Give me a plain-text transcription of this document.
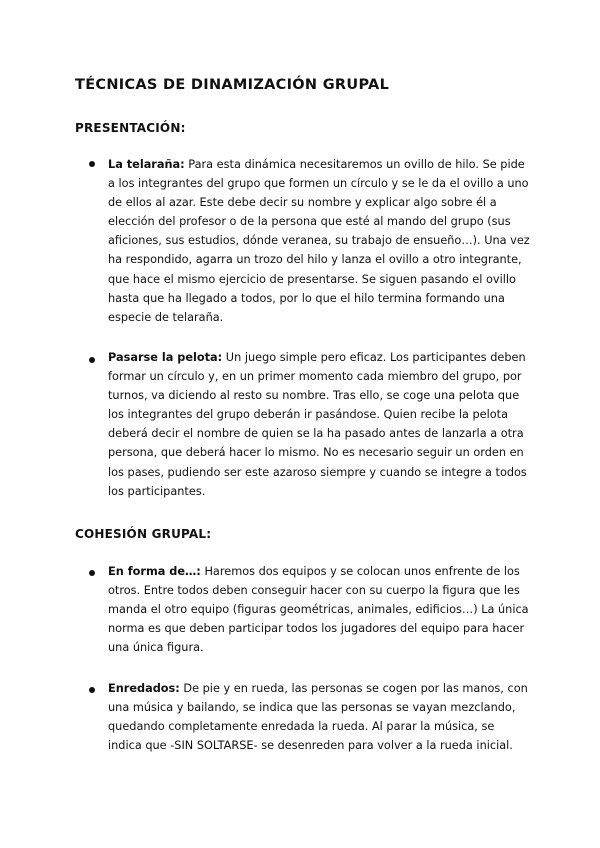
TÉCNICAS DE DINAMIZACIÓN GRUPAL
PRESENTACIÓN:

La telaraña: Para esta dinámica necesitaremos un ovillo de hilo. Se pide a los integrantes del grupo que formen un círculo y se le da el ovillo a uno de ellos al azar. Este debe decir su nombre y explicar algo sobre él a elección del profesor o de la persona que esté al mando del grupo (sus aficiones, sus estudios, dónde veranea, su trabajo de ensueño…). Una vez ha respondido, agarra un trozo del hilo y lanza el ovillo a otro integrante, que hace el mismo ejercicio de presentarse. Se siguen pasando el ovillo hasta que ha llegado a todos, por lo que el hilo termina formando una especie de telaraña.

Pasarse la pelota: Un juego simple pero eficaz. Los participantes deben formar un círculo y, en un primer momento cada miembro del grupo, por turnos, va diciendo al resto su nombre. Tras ello, se coge una pelota que los integrantes del grupo deberán ir pasándose. Quien recibe la pelota deberá decir el nombre de quien se la ha pasado antes de lanzarla a otra persona, que deberá hacer lo mismo. No es necesario seguir un orden en los pases, pudiendo ser este azaroso siempre y cuando se integre a todos los participantes.

COHESIÓN GRUPAL:

En forma de…: Haremos dos equipos y se colocan unos enfrente de los otros. Entre todos deben conseguir hacer con su cuerpo la figura que les manda el otro equipo (figuras geométricas, animales, edificios…) La única norma es que deben participar todos los jugadores del equipo para hacer una única figura.

Enredados: De pie y en rueda, las personas se cogen por las manos, con una música y bailando, se indica que las personas se vayan mezclando, quedando completamente enredada la rueda. Al parar la música, se indica que -SIN SOLTARSE- se desenreden para volver a la rueda inicial.
